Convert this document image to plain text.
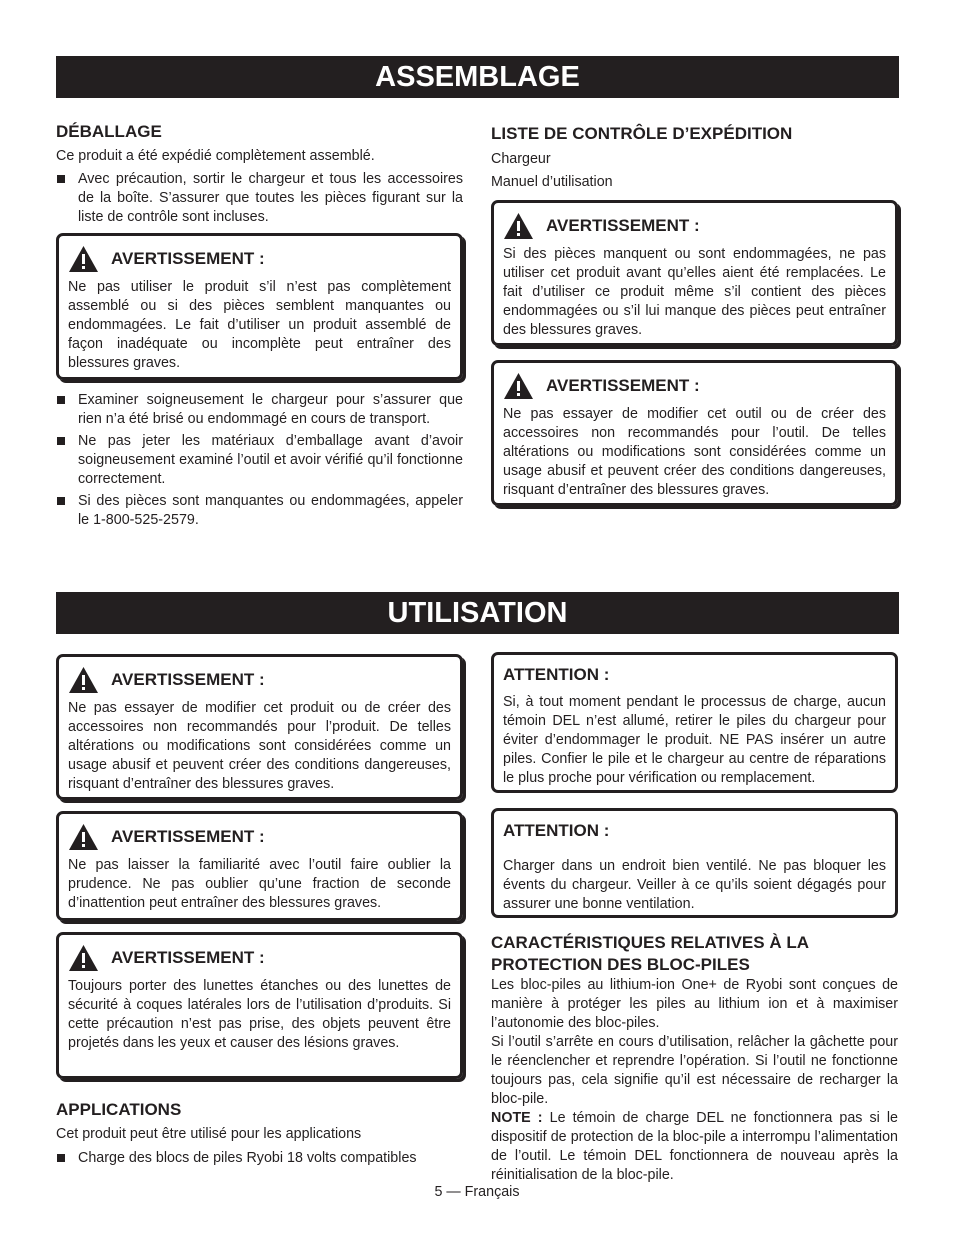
ASSEMBLAGE

DÉBALLAGE

Ce produit a été expédié complètement assemblé.

Avec précaution, sortir le chargeur et tous les accessoires de la boîte. S’assurer que toutes les pièces figurant sur la liste de contrôle sont incluses.
AVERTISSEMENT :

Ne pas utiliser le produit s’il n’est pas complètement assemblé ou si des pièces semblent manquantes ou endommagées. Le fait d’utiliser un produit assemblé de façon inadéquate ou incomplète peut entraîner des blessures graves.

Examiner soigneusement le chargeur pour s’assurer que rien n’a été brisé ou endommagé en cours de transport.
Ne pas jeter les matériaux d’emballage avant d’avoir soigneusement examiné l’outil et avoir vérifié qu’il fonctionne correctement.
Si des pièces sont manquantes ou endommagées, appeler le 1-800-525-2579.

LISTE DE CONTRÔLE D’EXPÉDITION

Chargeur

Manuel d’utilisation

AVERTISSEMENT :

Si des pièces manquent ou sont endommagées, ne pas utiliser cet produit avant qu’elles aient été remplacées. Le fait d’utiliser ce produit même s’il contient des pièces endommagées ou s’il lui manque des pièces peut entraîner des blessures graves.

AVERTISSEMENT :

Ne pas essayer de modifier cet outil ou de créer des accessoires non recommandés pour l’outil. De telles altérations ou modifications sont considérées comme un usage abusif et peuvent créer des conditions dangereuses, risquant d’entraîner des blessures graves.

UTILISATION
AVERTISSEMENT :

Ne pas essayer de modifier cet produit ou de créer des accessoires non recommandés pour l’produit. De telles altérations ou modifications sont considérées comme un usage abusif et peuvent créer des conditions dangereuses, risquant d’entraîner des blessures graves.

AVERTISSEMENT :

Ne pas laisser la familiarité avec l’outil faire oublier la prudence. Ne pas oublier qu’une fraction de seconde d’inattention peut entraîner des blessures graves.

AVERTISSEMENT :

Toujours porter des lunettes étanches ou des lunettes de sécurité à coques latérales lors de l’utilisation d’produits. Si cette précaution n’est pas prise, des objets peuvent être projetés dans les yeux et causer des lésions graves.

APPLICATIONS

Cet produit peut être utilisé pour les applications

Charge des blocs de piles Ryobi 18 volts compatibles
ATTENTION :

Si, à tout moment pendant le processus de charge, aucun témoin DEL n’est allumé, retirer le piles du chargeur pour éviter d’endommager le produit. NE PAS insérer un autre piles. Confier le pile et le chargeur au centre de réparations le plus proche pour vérification ou remplacement.

ATTENTION :

Charger dans un endroit bien ventilé. Ne pas bloquer les évents du chargeur. Veiller à ce qu’ils soient dégagés pour assurer une bonne ventilation.

CARACTÉRISTIQUES RELATIVES À LA PROTECTION DES BLOC-PILES

Les bloc-piles au lithium-ion One+ de Ryobi sont conçues de manière à protéger les piles au lithium ion et à maximiser l’autonomie des bloc-piles.

Si l’outil s’arrête en cours d’utilisation, relâcher la gâchette pour le réenclencher et reprendre l’opération. Si l’outil ne fonctionne toujours pas, cela signifie qu’il est nécessaire de recharger la bloc-pile.

NOTE : Le témoin de charge DEL ne fonctionnera pas si le dispositif de protection de la bloc-pile a interrompu l’alimentation de l’outil. Le témoin DEL fonctionnera de nouveau après la réinitialisation de la bloc-pile.

5 — Français
